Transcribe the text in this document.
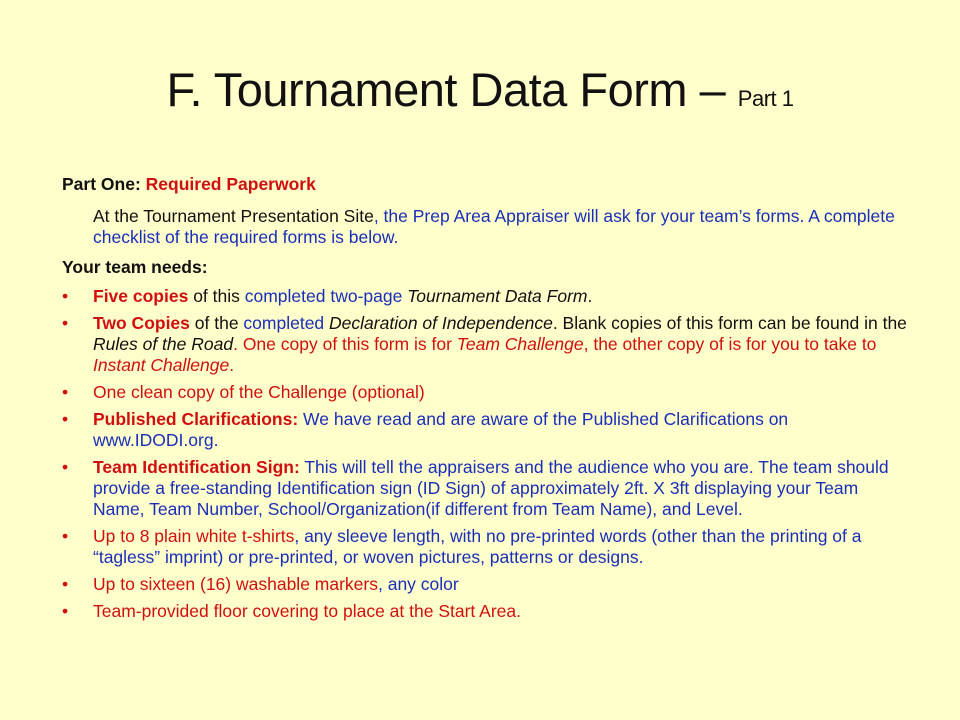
F. Tournament Data Form – Part 1

Part One: Required Paperwork

At the Tournament Presentation Site, the Prep Area Appraiser will ask for your team’s forms. A complete checklist of the required forms is below.

Your team needs:

• Five copies of this completed two-page Tournament Data Form.
• Two Copies of the completed Declaration of Independence. Blank copies of this form can be found in the Rules of the Road. One copy of this form is for Team Challenge, the other copy of is for you to take to Instant Challenge.
• One clean copy of the Challenge (optional)
• Published Clarifications: We have read and are aware of the Published Clarifications on www.IDODI.org.
• Team Identification Sign: This will tell the appraisers and the audience who you are. The team should provide a free-standing Identification sign (ID Sign) of approximately 2ft. X 3ft displaying your Team Name, Team Number, School/Organization(if different from Team Name), and Level.
• Up to 8 plain white t-shirts, any sleeve length, with no pre-printed words (other than the printing of a “tagless” imprint) or pre-printed, or woven pictures, patterns or designs.
• Up to sixteen (16) washable markers, any color
• Team-provided floor covering to place at the Start Area.
